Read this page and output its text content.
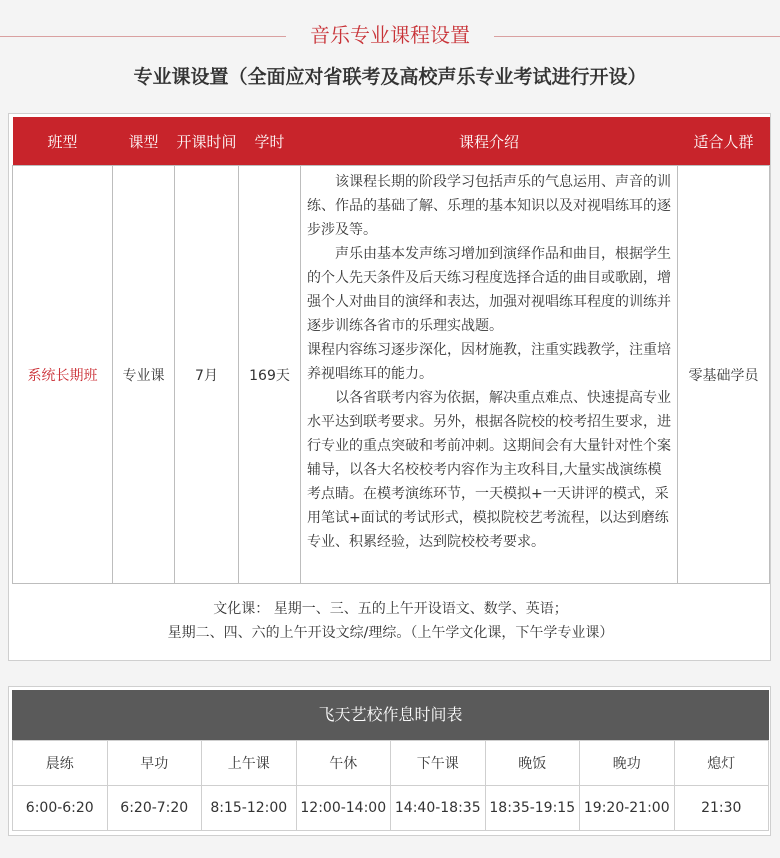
音乐专业课程设置
专业课设置（全面应对省联考及高校声乐专业考试进行开设）
班型	课型	开课时间	学时	课程介绍	适合人群
系统长期班	专业课	7月	169天	该课程长期的阶段学习包括声乐的气息运用、声音的训练、作品的基础了解、乐理的基本知识以及对视唱练耳的逐步涉及等。

声乐由基本发声练习增加到演绎作品和曲目，根据学生的个人先天条件及后天练习程度选择合适的曲目或歌剧，增强个人对曲目的演绎和表达，加强对视唱练耳程度的训练并逐步训练各省市的乐理实战题。

课程内容练习逐步深化，因材施教，注重实践教学，注重培养视唱练耳的能力。

以各省联考内容为依据，解决重点难点、快速提高专业水平达到联考要求。另外，根据各院校的校考招生要求，进行专业的重点突破和考前冲刺。这期间会有大量针对性个案辅导，以各大名校校考内容作为主攻科目,大量实战演练模考点睛。在模考演练环节，一天模拟+一天讲评的模式，采用笔试+面试的考试形式，模拟院校艺考流程，以达到磨练专业、积累经验，达到院校校考要求。	零基础学员
文化课： 星期一、三、五的上午开设语文、数学、英语；
星期二、四、六的上午开设文综/理综。（上午学文化课，下午学专业课）
飞天艺校作息时间表
晨练	早功	上午课	午休	下午课	晚饭	晚功	熄灯
6:00-6:20	6:20-7:20	8:15-12:00	12:00-14:00	14:40-18:35	18:35-19:15	19:20-21:00	21:30
